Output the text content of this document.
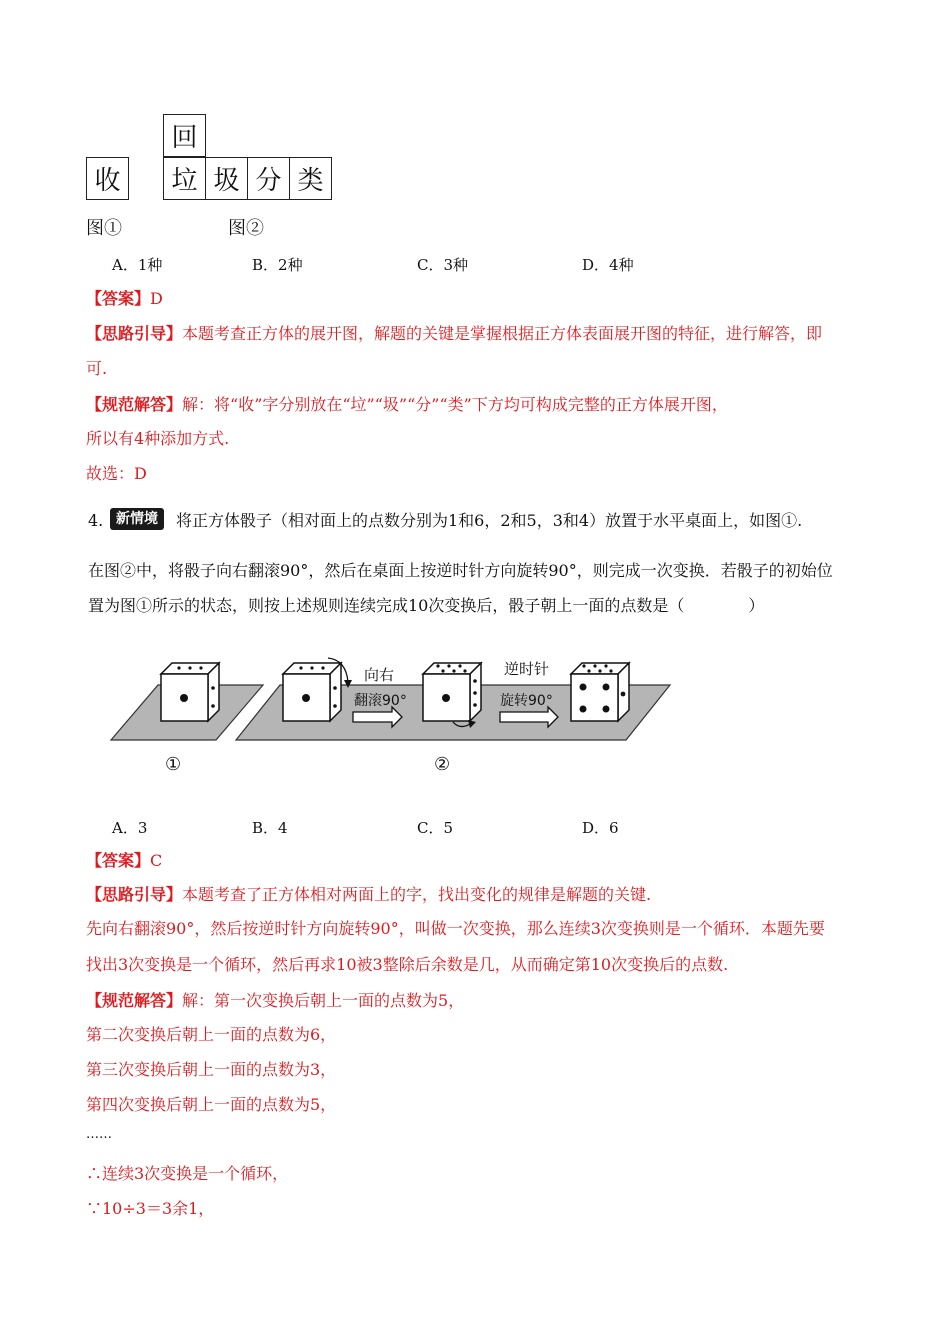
回
收	垃 圾 分 类
图①	图②
A．1种	B．2种	C．3种	D．4种
【答案】D
【思路引导】本题考查正方体的展开图，解题的关键是掌握根据正方体表面展开图的特征，进行解答，即
可.
【规范解答】解：将“收”字分别放在“垃”“圾”“分”“类”下方均可构成完整的正方体展开图，
所以有4种添加方式.
故选：D
4. 新情境	将正方体骰子（相对面上的点数分别为1和6，2和5，3和4）放置于水平桌面上，如图①.
在图②中，将骰子向右翻滚90°，然后在桌面上按逆时针方向旋转90°，则完成一次变换．若骰子的初始位
置为图①所示的状态，则按上述规则连续完成10次变换后，骰子朝上一面的点数是（　　　　）
向右
翻滚90°
逆时针
旋转90°
①	②
A．3	B．4	C．5	D．6
【答案】C
【思路引导】本题考查了正方体相对两面上的字，找出变化的规律是解题的关键.
先向右翻滚90°，然后按逆时针方向旋转90°，叫做一次变换，那么连续3次变换则是一个循环．本题先要
找出3次变换是一个循环，然后再求10被3整除后余数是几，从而确定第10次变换后的点数.
【规范解答】解：第一次变换后朝上一面的点数为5，
第二次变换后朝上一面的点数为6，
第三次变换后朝上一面的点数为3，
第四次变换后朝上一面的点数为5，
……
∴连续3次变换是一个循环，
∵10÷3＝3余1，
